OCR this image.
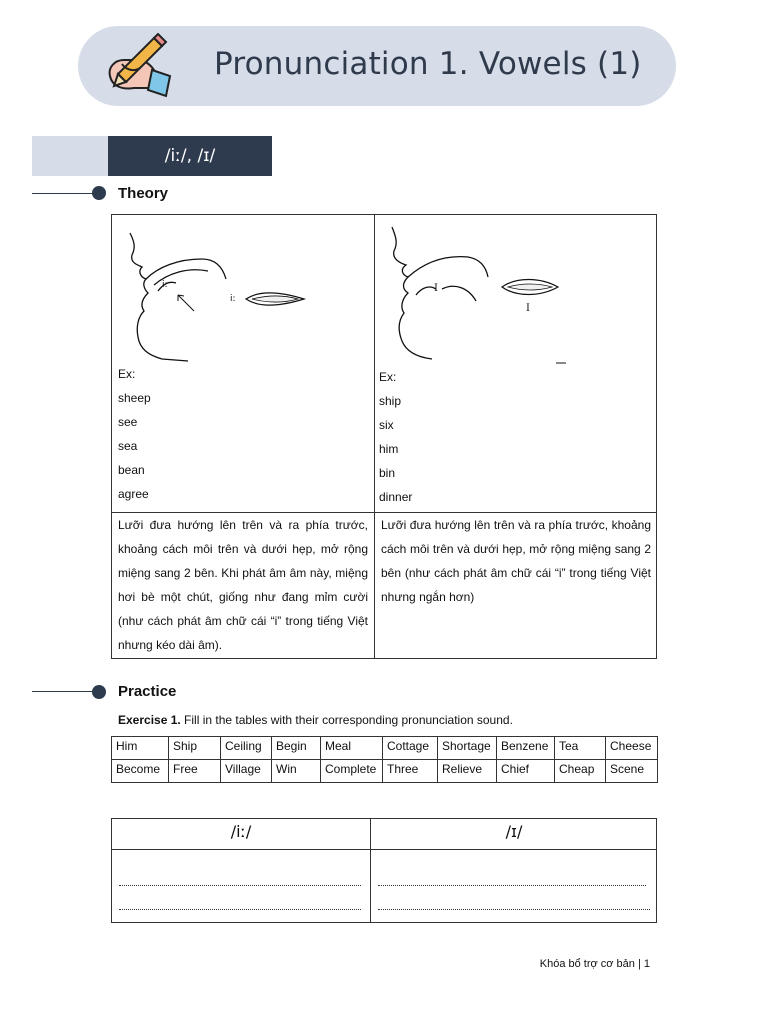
Pronunciation 1. Vowels (1)
/iː/, /ɪ/
Theory
i:
i:
I
I
Ex:
sheep
see
sea
bean
agree
Ex:
ship
six
him
bin
dinner
Lưỡi đưa hướng lên trên và ra phía trước, khoảng cách môi trên và dưới hẹp, mở rộng miệng sang 2 bên. Khi phát âm âm này, miệng hơi bè một chút, giống như đang mỉm cười (như cách phát âm chữ cái “i” trong tiếng Việt nhưng kéo dài âm).
Lưỡi đưa hướng lên trên và ra phía trước, khoảng cách môi trên và dưới hẹp, mở rộng miệng sang 2 bên (như cách phát âm chữ cái “i” trong tiếng Việt nhưng ngắn hơn)
Practice
Exercise 1. Fill in the tables with their corresponding pronunciation sound.
Him	Ship	Ceiling	Begin	Meal	Cottage	Shortage	Benzene	Tea	Cheese
Become	Free	Village	Win	Complete	Three	Relieve	Chief	Cheap	Scene
/iː/	/ɪ/
Khóa bổ trợ cơ bản | 1
